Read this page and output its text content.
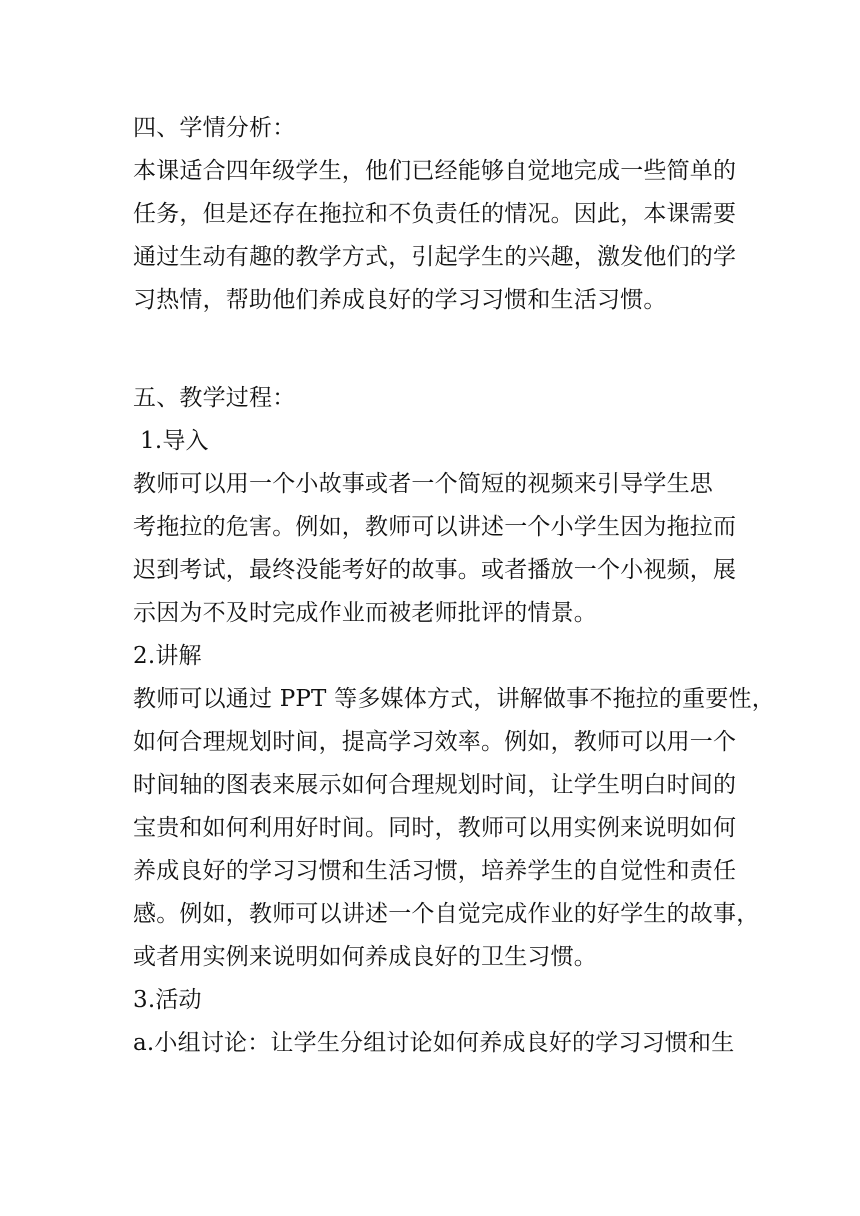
四、学情分析：
本课适合四年级学生，他们已经能够自觉地完成一些简单的
任务，但是还存在拖拉和不负责任的情况。因此，本课需要
通过生动有趣的教学方式，引起学生的兴趣，激发他们的学
习热情，帮助他们养成良好的学习习惯和生活习惯。
五、教学过程：
1.导入
教师可以用一个小故事或者一个简短的视频来引导学生思
考拖拉的危害。例如，教师可以讲述一个小学生因为拖拉而
迟到考试，最终没能考好的故事。或者播放一个小视频，展
示因为不及时完成作业而被老师批评的情景。
2.讲解
教师可以通过 PPT 等多媒体方式，讲解做事不拖拉的重要性，
如何合理规划时间，提高学习效率。例如，教师可以用一个
时间轴的图表来展示如何合理规划时间，让学生明白时间的
宝贵和如何利用好时间。同时，教师可以用实例来说明如何
养成良好的学习习惯和生活习惯，培养学生的自觉性和责任
感。例如，教师可以讲述一个自觉完成作业的好学生的故事，
或者用实例来说明如何养成良好的卫生习惯。
3.活动
a.小组讨论：让学生分组讨论如何养成良好的学习习惯和生
